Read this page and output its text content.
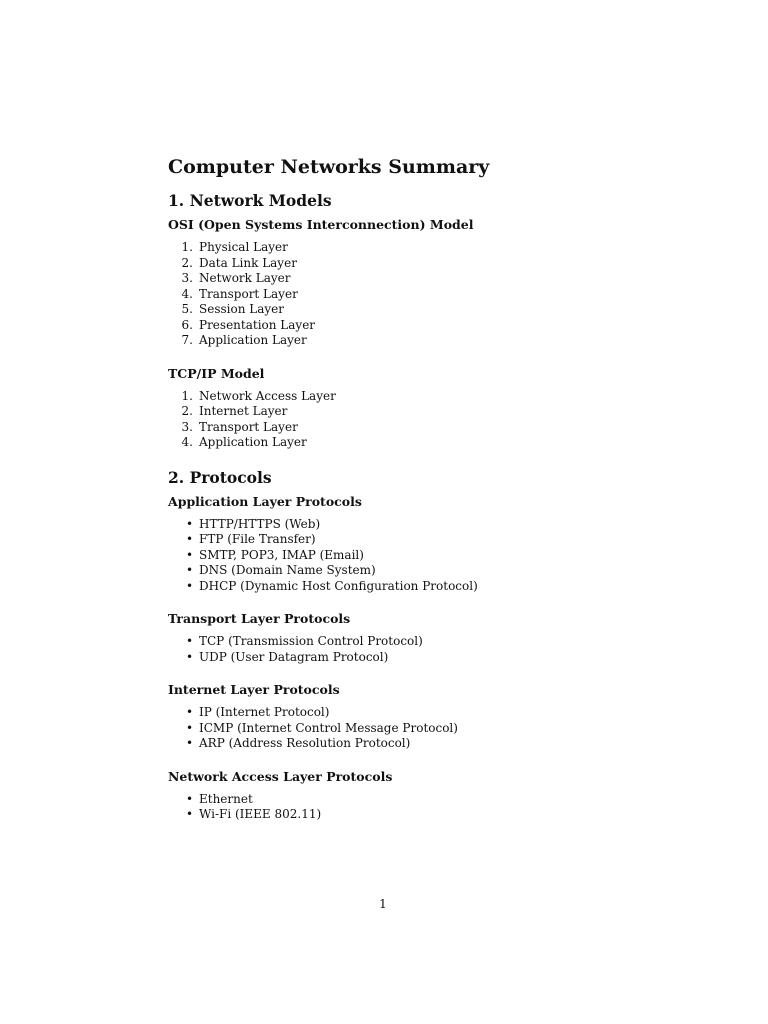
Computer Networks Summary
1. Network Models
OSI (Open Systems Interconnection) Model
1. Physical Layer
2. Data Link Layer
3. Network Layer
4. Transport Layer
5. Session Layer
6. Presentation Layer
7. Application Layer
TCP/IP Model
1. Network Access Layer
2. Internet Layer
3. Transport Layer
4. Application Layer
2. Protocols
Application Layer Protocols
• HTTP/HTTPS (Web)
• FTP (File Transfer)
• SMTP, POP3, IMAP (Email)
• DNS (Domain Name System)
• DHCP (Dynamic Host Configuration Protocol)
Transport Layer Protocols
• TCP (Transmission Control Protocol)
• UDP (User Datagram Protocol)
Internet Layer Protocols
• IP (Internet Protocol)
• ICMP (Internet Control Message Protocol)
• ARP (Address Resolution Protocol)
Network Access Layer Protocols
• Ethernet
• Wi-Fi (IEEE 802.11)
1
